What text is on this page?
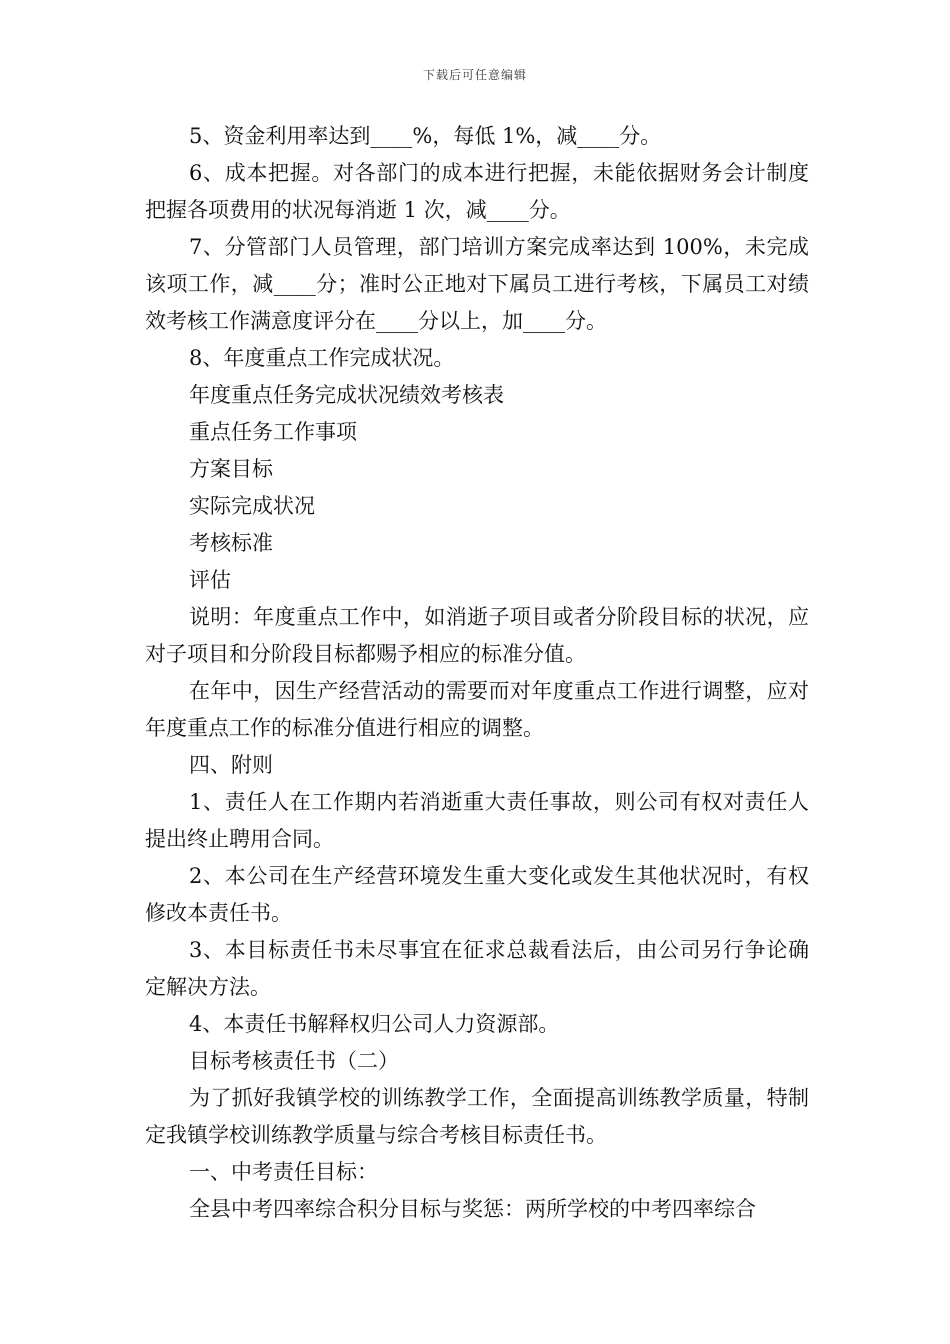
下载后可任意编辑

5、资金利用率达到____%，每低 1%，减____分。

6、成本把握。对各部门的成本进行把握，未能依据财务会计制度把握各项费用的状况每消逝 1 次，减____分。

7、分管部门人员管理，部门培训方案完成率达到 100%，未完成该项工作，减____分；准时公正地对下属员工进行考核，下属员工对绩效考核工作满意度评分在____分以上，加____分。

8、年度重点工作完成状况。

年度重点任务完成状况绩效考核表

重点任务工作事项

方案目标

实际完成状况

考核标准

评估

说明：年度重点工作中，如消逝子项目或者分阶段目标的状况，应对子项目和分阶段目标都赐予相应的标准分值。

在年中，因生产经营活动的需要而对年度重点工作进行调整，应对年度重点工作的标准分值进行相应的调整。

四、附则

1、责任人在工作期内若消逝重大责任事故，则公司有权对责任人提出终止聘用合同。

2、本公司在生产经营环境发生重大变化或发生其他状况时，有权修改本责任书。

3、本目标责任书未尽事宜在征求总裁看法后，由公司另行争论确定解决方法。

4、本责任书解释权归公司人力资源部。

目标考核责任书（二）

为了抓好我镇学校的训练教学工作，全面提高训练教学质量，特制定我镇学校训练教学质量与综合考核目标责任书。

一、中考责任目标：

全县中考四率综合积分目标与奖惩：两所学校的中考四率综合
